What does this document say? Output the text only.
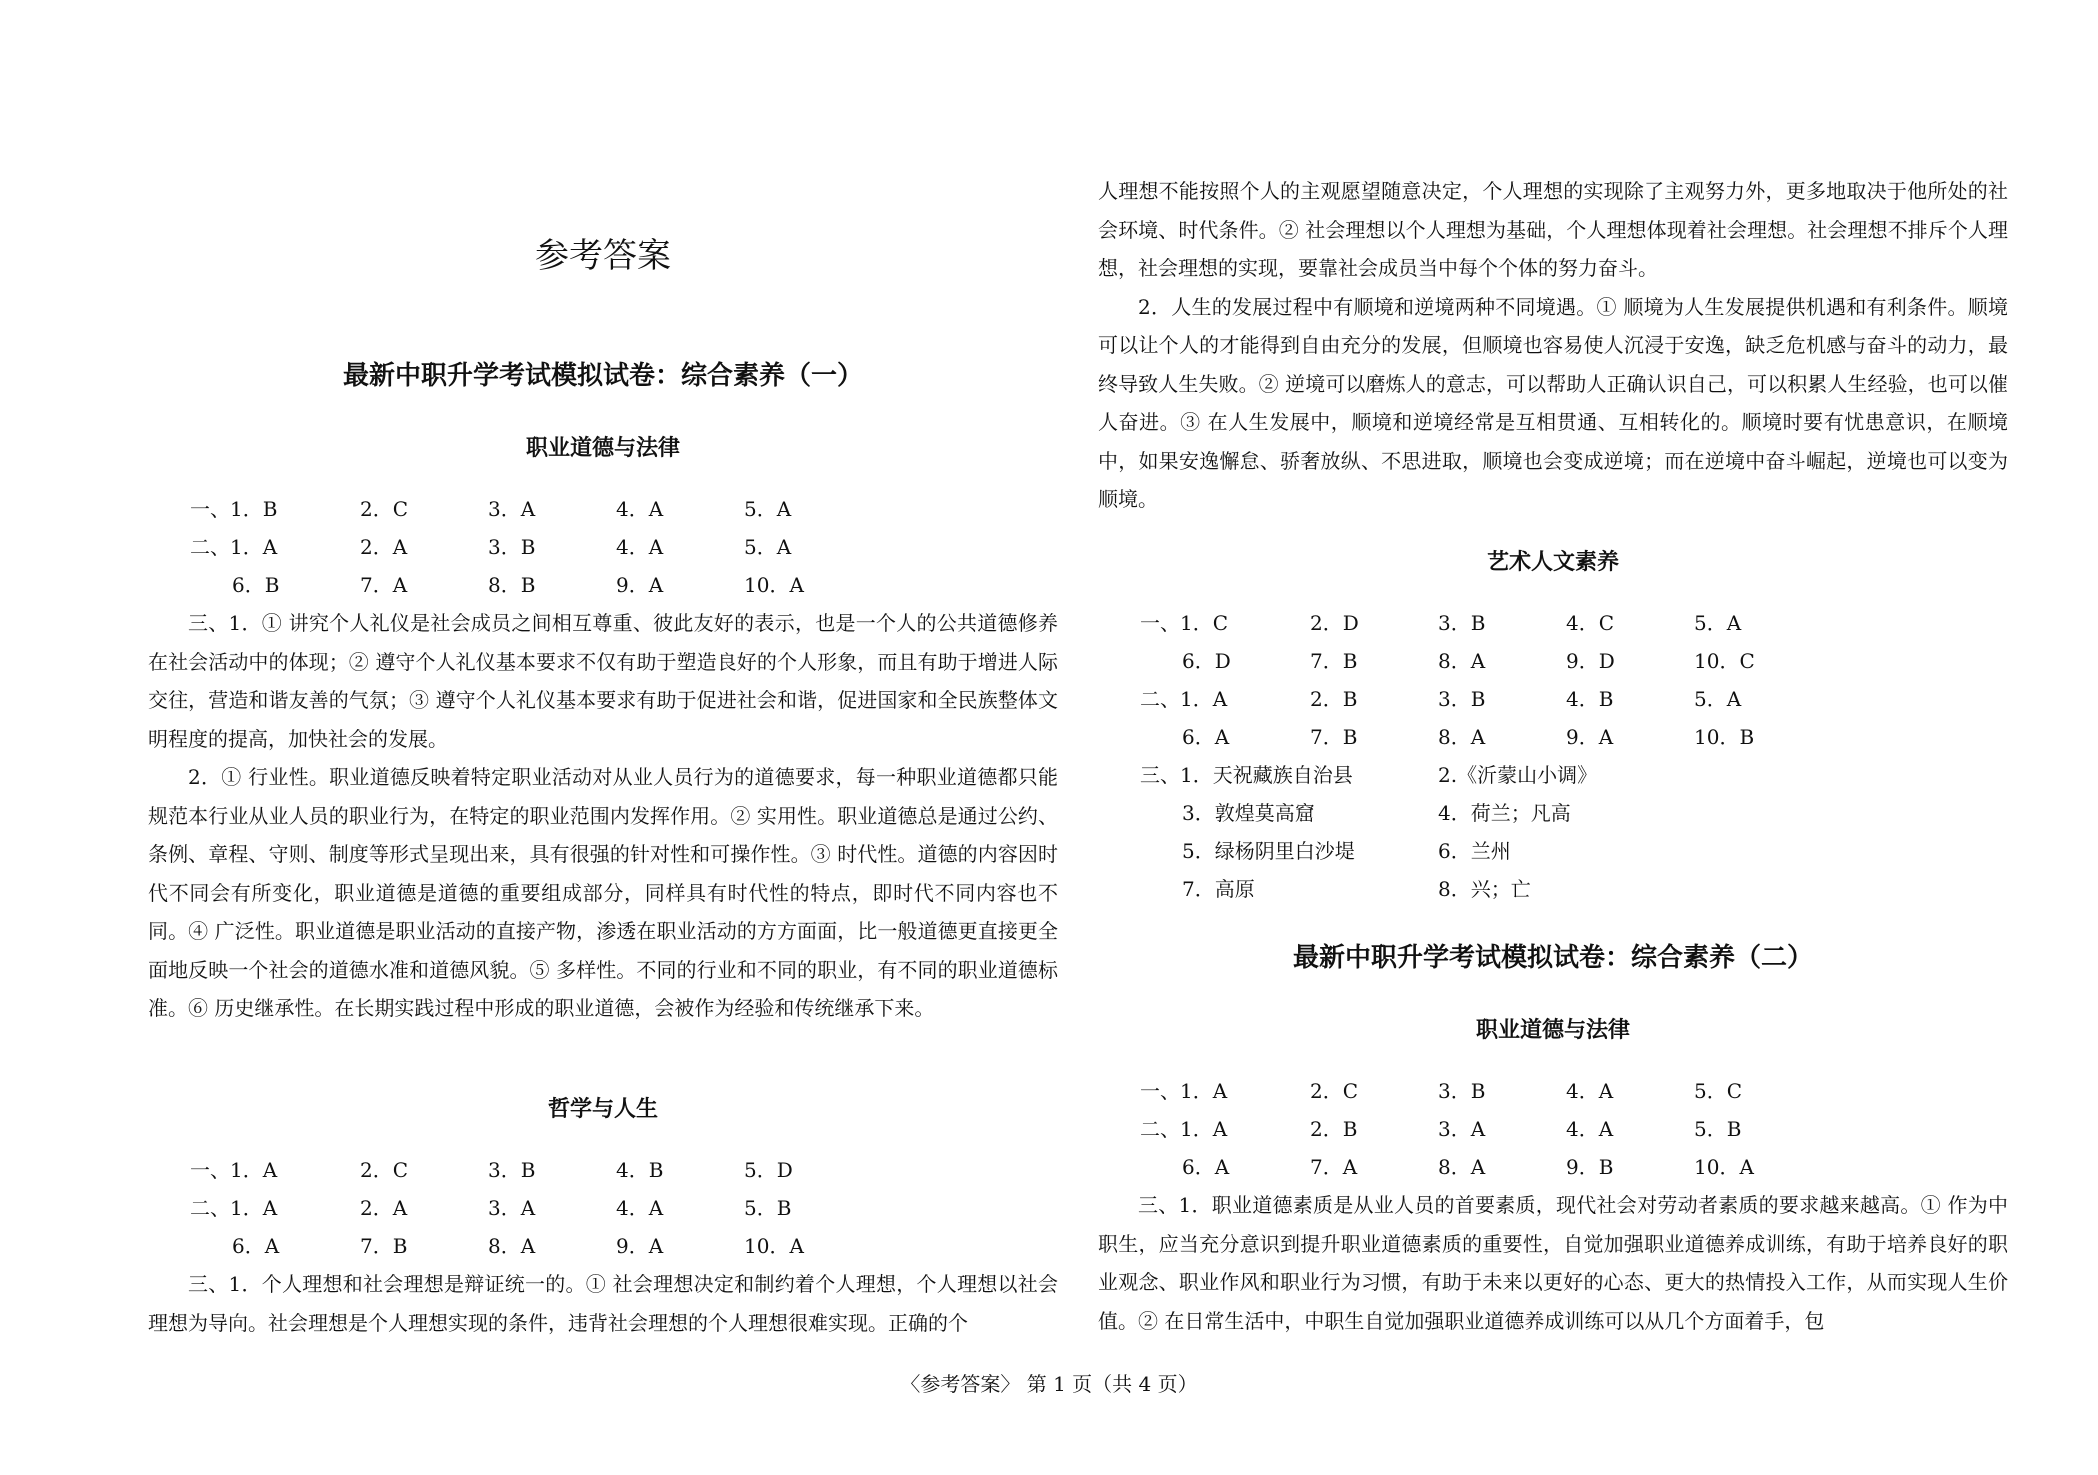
参考答案
最新中职升学考试模拟试卷：综合素养（一）
职业道德与法律
一、1．B	2．C	3．A	4．A	5．A
二、1．A	2．A	3．B	4．A	5．A
6．B	7．A	8．B	9．A	10．A

三、1．① 讲究个人礼仪是社会成员之间相互尊重、彼此友好的表示，也是一个人的公共道德修养在社会活动中的体现；② 遵守个人礼仪基本要求不仅有助于塑造良好的个人形象，而且有助于增进人际交往，营造和谐友善的气氛；③ 遵守个人礼仪基本要求有助于促进社会和谐，促进国家和全民族整体文明程度的提高，加快社会的发展。

2．① 行业性。职业道德反映着特定职业活动对从业人员行为的道德要求，每一种职业道德都只能规范本行业从业人员的职业行为，在特定的职业范围内发挥作用。② 实用性。职业道德总是通过公约、条例、章程、守则、制度等形式呈现出来，具有很强的针对性和可操作性。③ 时代性。道德的内容因时代不同会有所变化，职业道德是道德的重要组成部分，同样具有时代性的特点，即时代不同内容也不同。④ 广泛性。职业道德是职业活动的直接产物，渗透在职业活动的方方面面，比一般道德更直接更全面地反映一个社会的道德水准和道德风貌。⑤ 多样性。不同的行业和不同的职业，有不同的职业道德标准。⑥ 历史继承性。在长期实践过程中形成的职业道德，会被作为经验和传统继承下来。

哲学与人生
一、1．A	2．C	3．B	4．B	5．D
二、1．A	2．A	3．A	4．A	5．B
6．A	7．B	8．A	9．A	10．A

三、1．个人理想和社会理想是辩证统一的。① 社会理想决定和制约着个人理想，个人理想以社会理想为导向。社会理想是个人理想实现的条件，违背社会理想的个人理想很难实现。正确的个

人理想不能按照个人的主观愿望随意决定，个人理想的实现除了主观努力外，更多地取决于他所处的社会环境、时代条件。② 社会理想以个人理想为基础，个人理想体现着社会理想。社会理想不排斥个人理想，社会理想的实现，要靠社会成员当中每个个体的努力奋斗。

2．人生的发展过程中有顺境和逆境两种不同境遇。① 顺境为人生发展提供机遇和有利条件。顺境可以让个人的才能得到自由充分的发展，但顺境也容易使人沉浸于安逸，缺乏危机感与奋斗的动力，最终导致人生失败。② 逆境可以磨炼人的意志，可以帮助人正确认识自己，可以积累人生经验，也可以催人奋进。③ 在人生发展中，顺境和逆境经常是互相贯通、互相转化的。顺境时要有忧患意识，在顺境中，如果安逸懈怠、骄奢放纵、不思进取，顺境也会变成逆境；而在逆境中奋斗崛起，逆境也可以变为顺境。

艺术人文素养
一、1．C	2．D	3．B	4．C	5．A
6．D	7．B	8．A	9．D	10．C
二、1．A	2．B	3．B	4．B	5．A
6．A	7．B	8．A	9．A	10．B
三、1．天祝藏族自治县	2.《沂蒙山小调》
3．敦煌莫高窟	4．荷兰；凡高
5．绿杨阴里白沙堤	6．兰州
7．高原	8．兴；亡
最新中职升学考试模拟试卷：综合素养（二）
职业道德与法律
一、1．A	2．C	3．B	4．A	5．C
二、1．A	2．B	3．A	4．A	5．B
6．A	7．A	8．A	9．B	10．A

三、1．职业道德素质是从业人员的首要素质，现代社会对劳动者素质的要求越来越高。① 作为中职生，应当充分意识到提升职业道德素质的重要性，自觉加强职业道德养成训练，有助于培养良好的职业观念、职业作风和职业行为习惯，有助于未来以更好的心态、更大的热情投入工作，从而实现人生价值。② 在日常生活中，中职生自觉加强职业道德养成训练可以从几个方面着手，包

〈参考答案〉 第 1 页（共 4 页）
